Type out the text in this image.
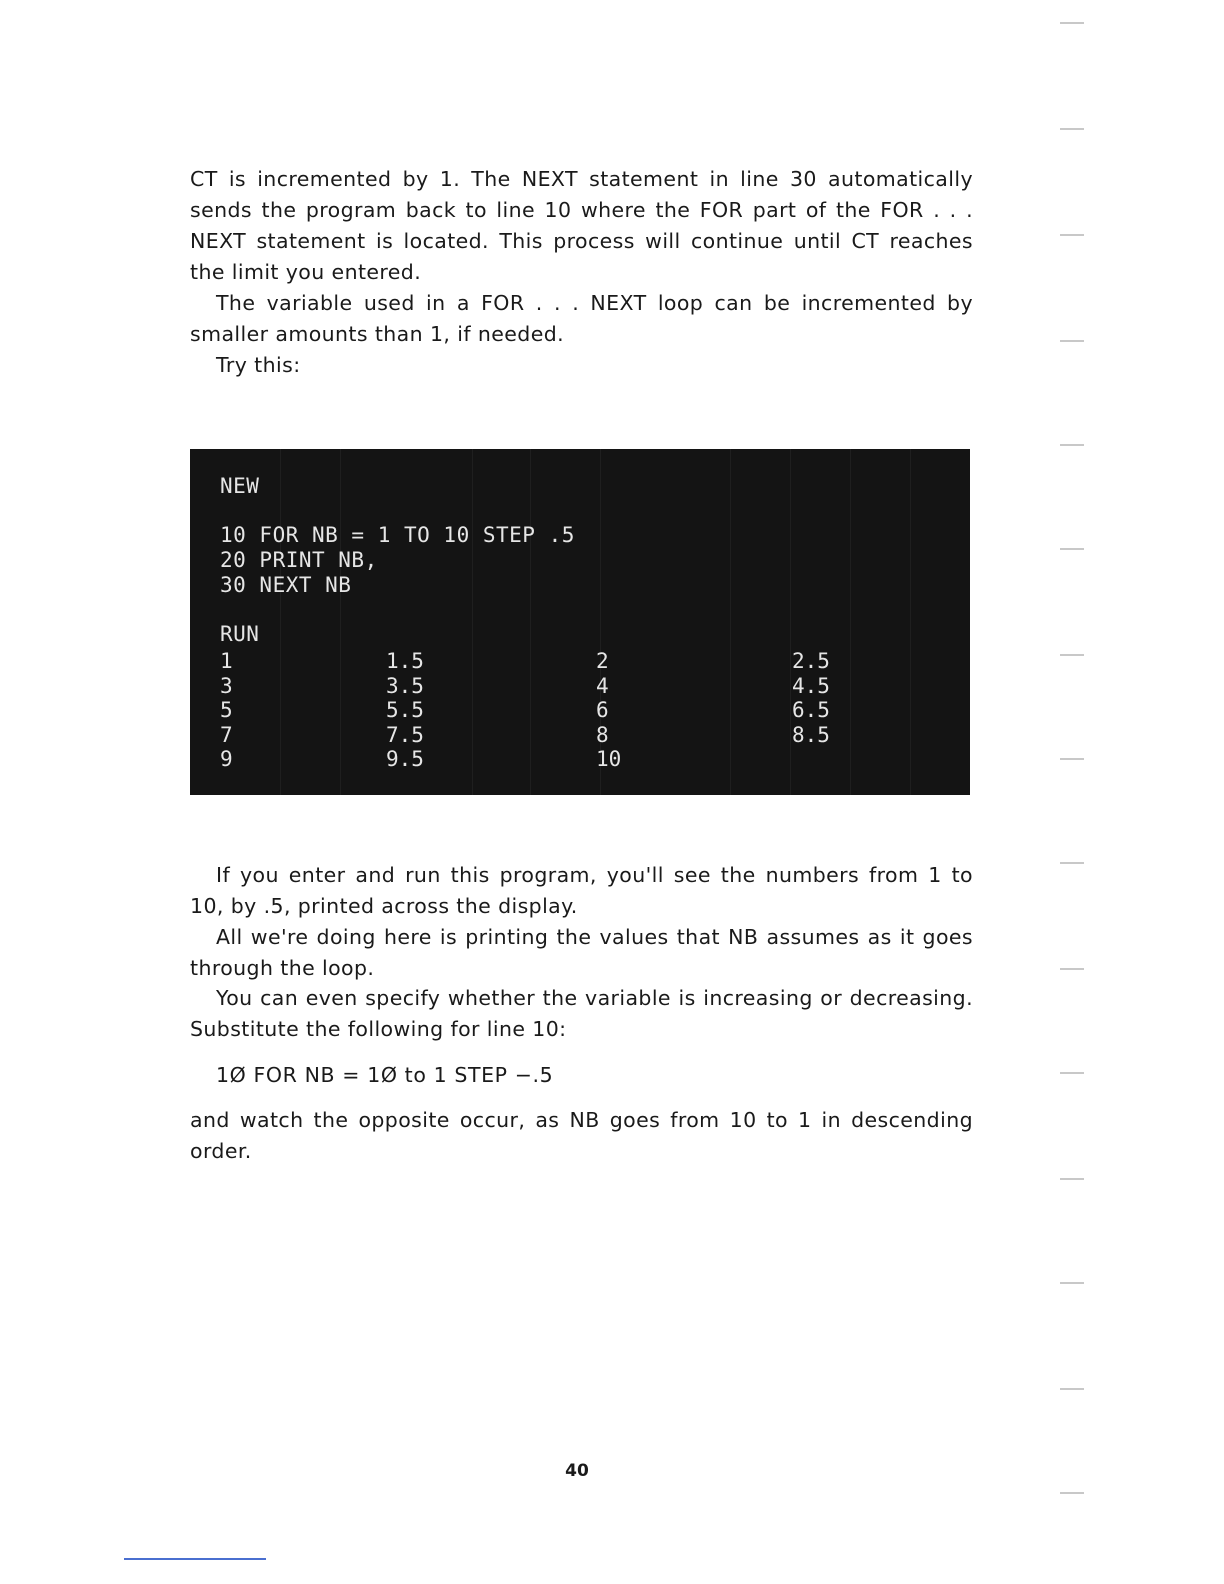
CT is incremented by 1. The NEXT statement in line 30 automatically sends the program back to line 10 where the FOR part of the FOR . . . NEXT statement is located. This process will continue until CT reaches the limit you entered.

The variable used in a FOR . . . NEXT loop can be incremented by smaller amounts than 1, if needed.

Try this:

NEW

10 FOR NB = 1 TO 10 STEP .5

20 PRINT NB,

30 NEXT NB

RUN

1
3
5
7
9
1.5
3.5
5.5
7.5
9.5
2
4
6
8
10
2.5
4.5
6.5
8.5

If you enter and run this program, you'll see the numbers from 1 to 10, by .5, printed across the display.

All we're doing here is printing the values that NB assumes as it goes through the loop.

You can even specify whether the variable is increasing or decreasing. Substitute the following for line 10:

1Ø FOR NB = 1Ø to 1 STEP −.5

and watch the opposite occur, as NB goes from 10 to 1 in descending order.

40
